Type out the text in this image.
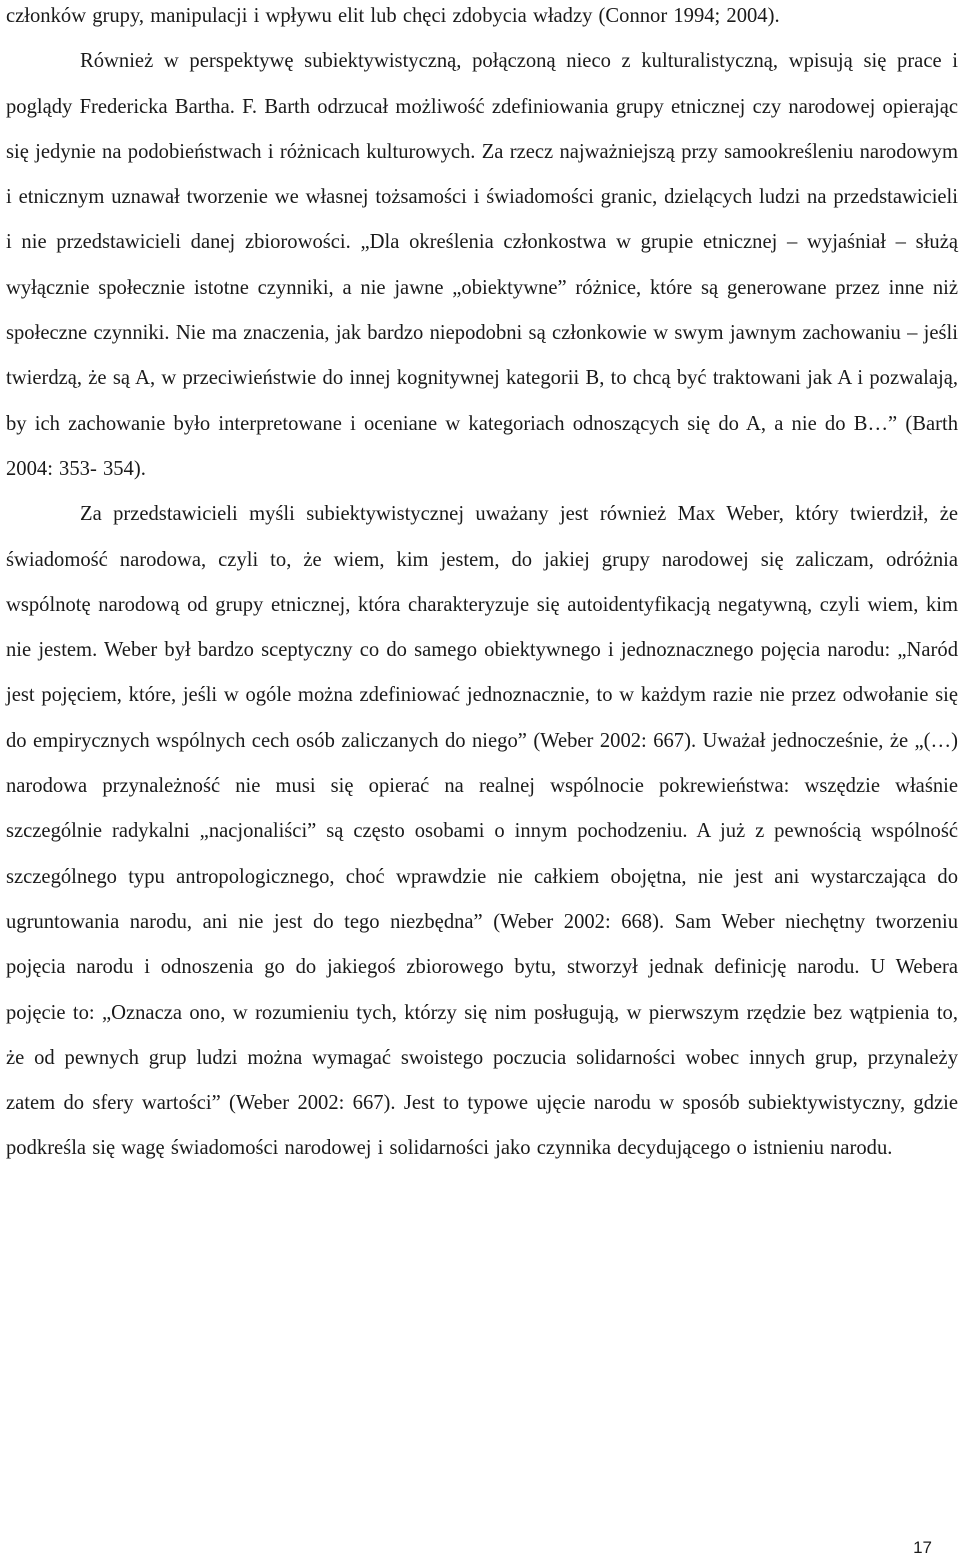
członków grupy, manipulacji i wpływu elit lub chęci zdobycia władzy (Connor 1994; 2004).

Również w perspektywę subiektywistyczną, połączoną nieco z kulturalistyczną, wpisują się prace i poglądy Fredericka Bartha. F. Barth odrzucał możliwość zdefiniowania grupy etnicznej czy narodowej opierając się jedynie na podobieństwach i różnicach kulturowych. Za rzecz najważniejszą przy samookreśleniu narodowym i etnicznym uznawał tworzenie we własnej tożsamości i świadomości granic, dzielących ludzi na przedstawicieli i nie przedstawicieli danej zbiorowości. „Dla określenia członkostwa w grupie etnicznej – wyjaśniał – służą wyłącznie społecznie istotne czynniki, a nie jawne „obiektywne” różnice, które są generowane przez inne niż społeczne czynniki. Nie ma znaczenia, jak bardzo niepodobni są członkowie w swym jawnym zachowaniu – jeśli twierdzą, że są A, w przeciwieństwie do innej kognitywnej kategorii B, to chcą być traktowani jak A i pozwalają, by ich zachowanie było interpretowane i oceniane w kategoriach odnoszących się do A, a nie do B…” (Barth 2004: 353- 354).

Za przedstawicieli myśli subiektywistycznej uważany jest również Max Weber, który twierdził, że świadomość narodowa, czyli to, że wiem, kim jestem, do jakiej grupy narodowej się zaliczam, odróżnia wspólnotę narodową od grupy etnicznej, która charakteryzuje się autoidentyfikacją negatywną, czyli wiem, kim nie jestem. Weber był bardzo sceptyczny co do samego obiektywnego i jednoznacznego pojęcia narodu: „Naród jest pojęciem, które, jeśli w ogóle można zdefiniować jednoznacznie, to w każdym razie nie przez odwołanie się do empirycznych wspólnych cech osób zaliczanych do niego” (Weber 2002: 667). Uważał jednocześnie, że „(…) narodowa przynależność nie musi się opierać na realnej wspólnocie pokrewieństwa: wszędzie właśnie szczególnie radykalni „nacjonaliści” są często osobami o innym pochodzeniu. A już z pewnością wspólność szczególnego typu antropologicznego, choć wprawdzie nie całkiem obojętna, nie jest ani wystarczająca do ugruntowania narodu, ani nie jest do tego niezbędna” (Weber 2002: 668). Sam Weber niechętny tworzeniu pojęcia narodu i odnoszenia go do jakiegoś zbiorowego bytu, stworzył jednak definicję narodu. U Webera pojęcie to: „Oznacza ono, w rozumieniu tych, którzy się nim posługują, w pierwszym rzędzie bez wątpienia to, że od pewnych grup ludzi można wymagać swoistego poczucia solidarności wobec innych grup, przynależy zatem do sfery wartości” (Weber 2002: 667). Jest to typowe ujęcie narodu w sposób subiektywistyczny, gdzie podkreśla się wagę świadomości narodowej i solidarności jako czynnika decydującego o istnieniu narodu.

17
